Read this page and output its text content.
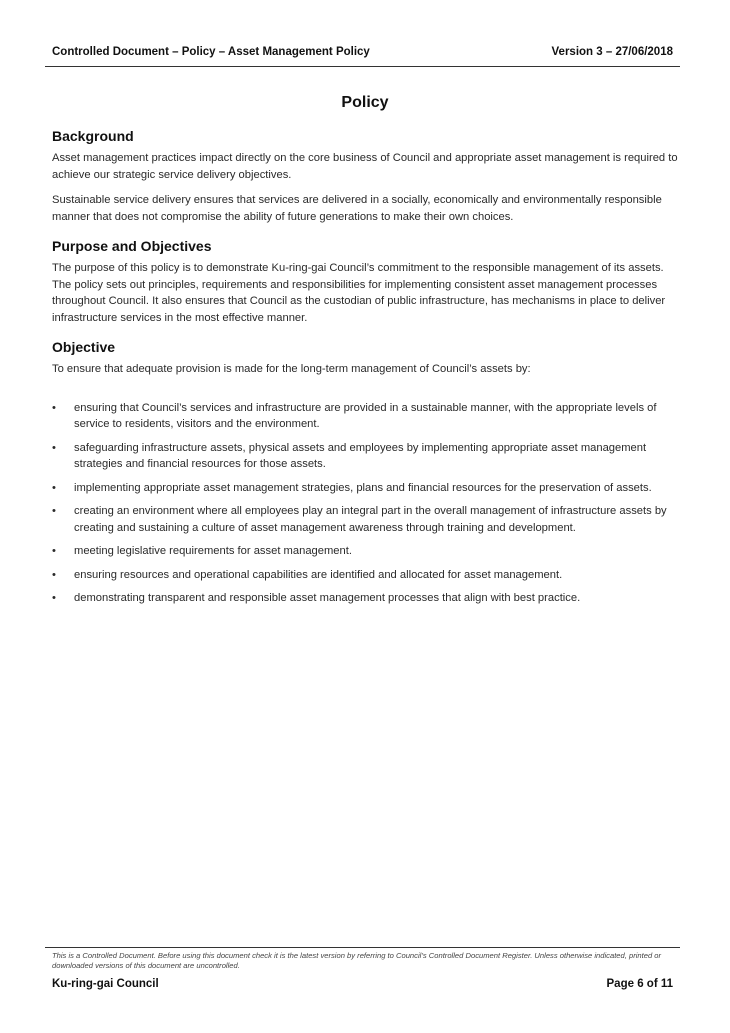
Controlled Document – Policy – Asset Management Policy	Version 3 – 27/06/2018
Policy
Background

Asset management practices impact directly on the core business of Council and appropriate asset management is required to achieve our strategic service delivery objectives.

Sustainable service delivery ensures that services are delivered in a socially, economically and environmentally responsible manner that does not compromise the ability of future generations to make their own choices.

Purpose and Objectives

The purpose of this policy is to demonstrate Ku-ring-gai Council’s commitment to the responsible management of its assets. The policy sets out principles, requirements and responsibilities for implementing consistent asset management processes throughout Council. It also ensures that Council as the custodian of public infrastructure, has mechanisms in place to deliver infrastructure services in the most effective manner.

Objective

To ensure that adequate provision is made for the long-term management of Council’s assets by:

• ensuring that Council’s services and infrastructure are provided in a sustainable manner, with the appropriate levels of service to residents, visitors and the environment.
• safeguarding infrastructure assets, physical assets and employees by implementing appropriate asset management strategies and financial resources for those assets.
• implementing appropriate asset management strategies, plans and financial resources for the preservation of assets.
• creating an environment where all employees play an integral part in the overall management of infrastructure assets by creating and sustaining a culture of asset management awareness through training and development.
• meeting legislative requirements for asset management.
• ensuring resources and operational capabilities are identified and allocated for asset management.
• demonstrating transparent and responsible asset management processes that align with best practice.
This is a Controlled Document. Before using this document check it is the latest version by referring to Council’s Controlled Document Register. Unless otherwise indicated, printed or downloaded versions of this document are uncontrolled.
Ku-ring-gai Council	Page 6 of 11
